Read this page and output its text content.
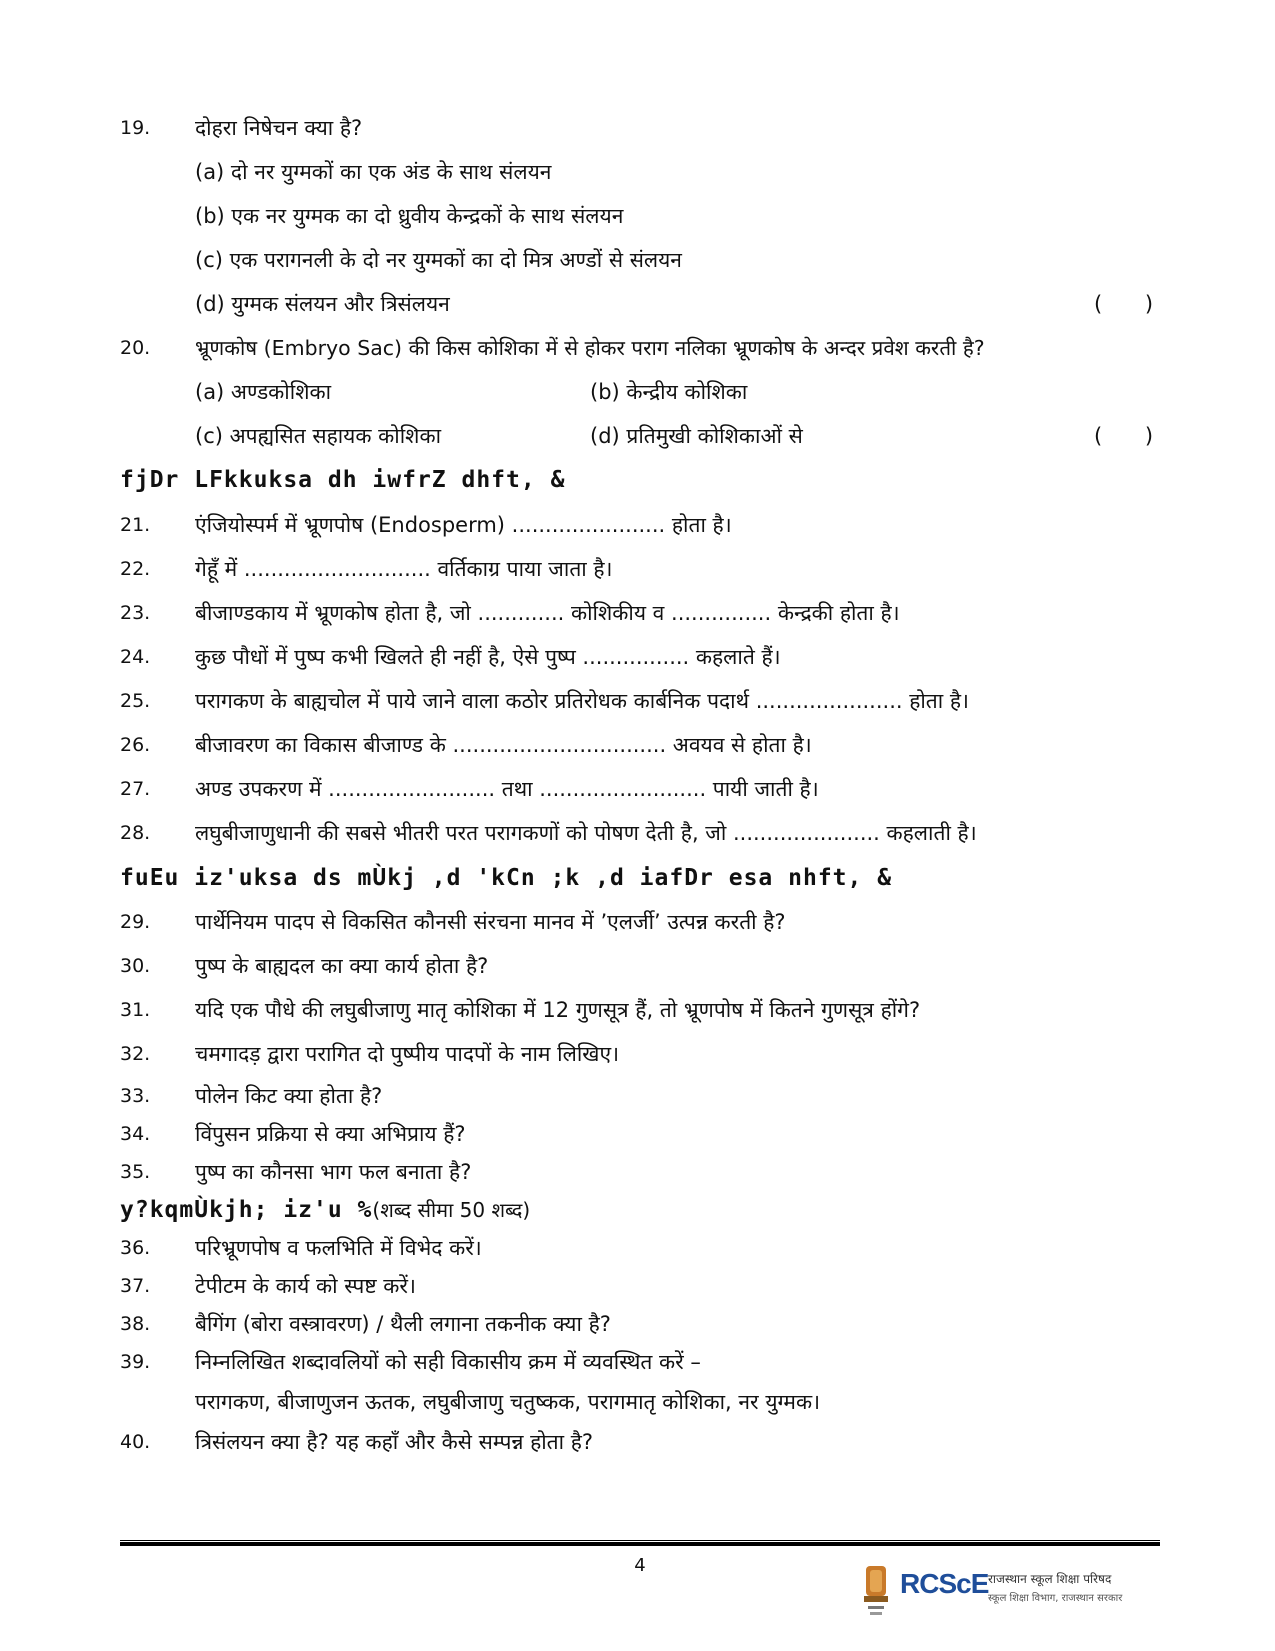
19. दोहरा निषेचन क्या है?
(a) दो नर युग्मकों का एक अंड के साथ संलयन
(b) एक नर युग्मक का दो ध्रुवीय केन्द्रकों के साथ संलयन
(c) एक परागनली के दो नर युग्मकों का दो मित्र अण्डों से संलयन
(d) युग्मक संलयन और त्रिसंलयन	( )
20. भ्रूणकोष (Embryo Sac) की किस कोशिका में से होकर पराग नलिका भ्रूणकोष के अन्दर प्रवेश करती है?
(a) अण्डकोशिका	(b) केन्द्रीय कोशिका
(c) अपह्यसित सहायक कोशिका	(d) प्रतिमुखी कोशिकाओं से	( )
fjDr LFkkuksa dh iwfrZ dhft, &
21. एंजियोस्पर्म में भ्रूणपोष (Endosperm) ....................... होता है।
22. गेहूँ में ............................ वर्तिकाग्र पाया जाता है।
23. बीजाण्डकाय में भ्रूणकोष होता है, जो ............. कोशिकीय व ............... केन्द्रकी होता है।
24. कुछ पौधों में पुष्प कभी खिलते ही नहीं है, ऐसे पुष्प ................ कहलाते हैं।
25. परागकण के बाह्यचोल में पाये जाने वाला कठोर प्रतिरोधक कार्बनिक पदार्थ ...................... होता है।
26. बीजावरण का विकास बीजाण्ड के ................................ अवयव से होता है।
27. अण्ड उपकरण में ......................... तथा ......................... पायी जाती है।
28. लघुबीजाणुधानी की सबसे भीतरी परत परागकणों को पोषण देती है, जो ...................... कहलाती है।
fuEu iz'uksa ds mÙkj ,d 'kCn ;k ,d iafDr esa nhft, &
29. पार्थेनियम पादप से विकसित कौनसी संरचना मानव में ’एलर्जी’ उत्पन्न करती है?
30. पुष्प के बाह्यदल का क्या कार्य होता है?
31. यदि एक पौधे की लघुबीजाणु मातृ कोशिका में 12 गुणसूत्र हैं, तो भ्रूणपोष में कितने गुणसूत्र होंगे?
32. चमगादड़ द्वारा परागित दो पुष्पीय पादपों के नाम लिखिए।
33. पोलेन किट क्या होता है?
34. विंपुसन प्रक्रिया से क्या अभिप्राय हैं?
35. पुष्प का कौनसा भाग फल बनाता है?
y?kqmÙkjh; iz'u %(शब्द सीमा 50 शब्द)
36. परिभ्रूणपोष व फलभिति में विभेद करें।
37. टेपीटम के कार्य को स्पष्ट करें।
38. बैगिंग (बोरा वस्त्रावरण) / थैली लगाना तकनीक क्या है?
39. निम्नलिखित शब्दावलियों को सही विकासीय क्रम में व्यवस्थित करें –
परागकण, बीजाणुजन ऊतक, लघुबीजाणु चतुष्कक, परागमातृ कोशिका, नर युग्मक।
40. त्रिसंलयन क्या है? यह कहाँ और कैसे सम्पन्न होता है?
4
RCScE राजस्थान स्कूल शिक्षा परिषद
स्कूल शिक्षा विभाग, राजस्थान सरकार
